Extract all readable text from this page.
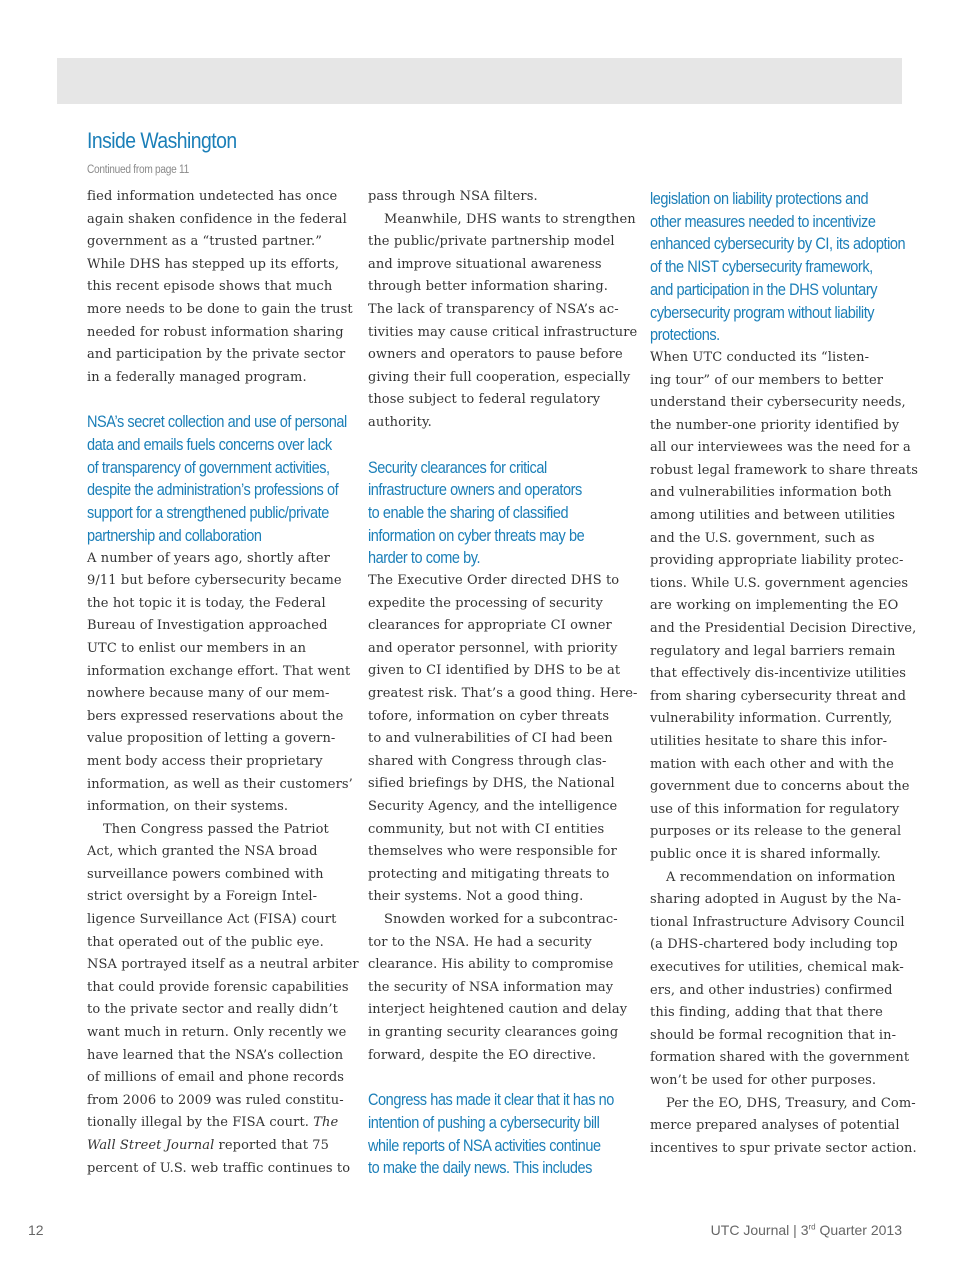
Inside Washington

Continued from page 11

fied information undetected has once

again shaken confidence in the federal

government as a “trusted partner.”

While DHS has stepped up its efforts,

this recent episode shows that much

more needs to be done to gain the trust

needed for robust information sharing

and participation by the private sector

in a federally managed program.

NSA’s secret collection and use of personal
data and emails fuels concerns over lack
of transparency of government activities,
despite the administration’s professions of
support for a strengthened public/private
partnership and collaboration

A number of years ago, shortly after

9/11 but before cybersecurity became

the hot topic it is today, the Federal

Bureau of Investigation approached

UTC to enlist our members in an

information exchange effort. That went

nowhere because many of our mem-

bers expressed reservations about the

value proposition of letting a govern-

ment body access their proprietary

information, as well as their customers’

information, on their systems.

Then Congress passed the Patriot

Act, which granted the NSA broad

surveillance powers combined with

strict oversight by a Foreign Intel-

ligence Surveillance Act (FISA) court

that operated out of the public eye.

NSA portrayed itself as a neutral arbiter

that could provide forensic capabilities

to the private sector and really didn’t

want much in return. Only recently we

have learned that the NSA’s collection

of millions of email and phone records

from 2006 to 2009 was ruled constitu-

tionally illegal by the FISA court. The

Wall Street Journal reported that 75

percent of U.S. web traffic continues to

pass through NSA filters.

Meanwhile, DHS wants to strengthen

the public/private partnership model

and improve situational awareness

through better information sharing.

The lack of transparency of NSA’s ac-

tivities may cause critical infrastructure

owners and operators to pause before

giving their full cooperation, especially

those subject to federal regulatory

authority.

Security clearances for critical
infrastructure owners and operators
to enable the sharing of classified
information on cyber threats may be
harder to come by.

The Executive Order directed DHS to

expedite the processing of security

clearances for appropriate CI owner

and operator personnel, with priority

given to CI identified by DHS to be at

greatest risk. That’s a good thing. Here-

tofore, information on cyber threats

to and vulnerabilities of CI had been

shared with Congress through clas-

sified briefings by DHS, the National

Security Agency, and the intelligence

community, but not with CI entities

themselves who were responsible for

protecting and mitigating threats to

their systems. Not a good thing.

Snowden worked for a subcontrac-

tor to the NSA. He had a security

clearance. His ability to compromise

the security of NSA information may

interject heightened caution and delay

in granting security clearances going

forward, despite the EO directive.

Congress has made it clear that it has no
intention of pushing a cybersecurity bill
while reports of NSA activities continue
to make the daily news. This includes
legislation on liability protections and
other measures needed to incentivize
enhanced cybersecurity by CI, its adoption
of the NIST cybersecurity framework,
and participation in the DHS voluntary
cybersecurity program without liability
protections.

When UTC conducted its “listen-

ing tour” of our members to better

understand their cybersecurity needs,

the number-one priority identified by

all our interviewees was the need for a

robust legal framework to share threats

and vulnerabilities information both

among utilities and between utilities

and the U.S. government, such as

providing appropriate liability protec-

tions. While U.S. government agencies

are working on implementing the EO

and the Presidential Decision Directive,

regulatory and legal barriers remain

that effectively dis-incentivize utilities

from sharing cybersecurity threat and

vulnerability information. Currently,

utilities hesitate to share this infor-

mation with each other and with the

government due to concerns about the

use of this information for regulatory

purposes or its release to the general

public once it is shared informally.

A recommendation on information

sharing adopted in August by the Na-

tional Infrastructure Advisory Council

(a DHS-chartered body including top

executives for utilities, chemical mak-

ers, and other industries) confirmed

this finding, adding that that there

should be formal recognition that in-

formation shared with the government

won’t be used for other purposes.

Per the EO, DHS, Treasury, and Com-

merce prepared analyses of potential

incentives to spur private sector action.

12	UTC Journal | 3rd Quarter 2013
